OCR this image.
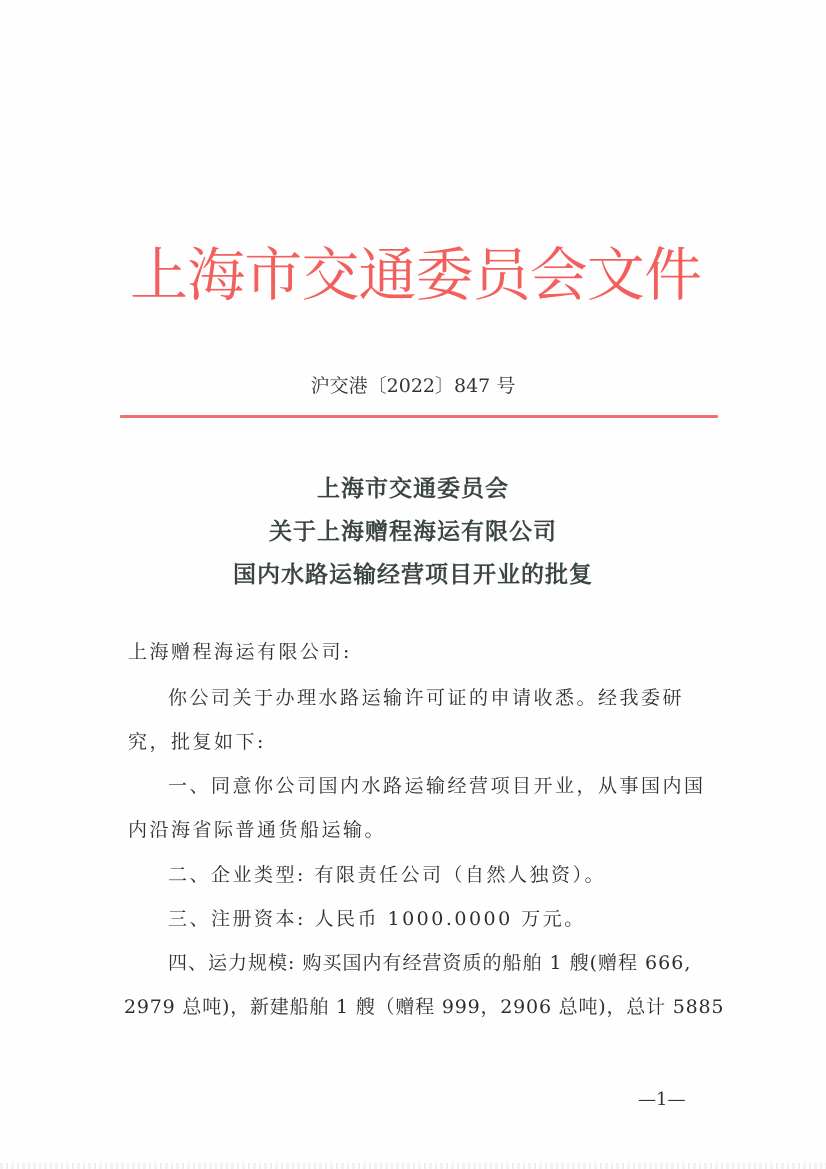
上 海 市 交 通 委 员 会 文 件
沪交港〔2022〕847 号
上海市交通委员会
关于上海赠程海运有限公司
国内水路运输经营项目开业的批复
上海赠程海运有限公司:
你公司关于办理水路运输许可证的申请收悉。经我委研
究，批复如下:
一、同意你公司国内水路运输经营项目开业，从事国内国
内沿海省际普通货船运输。
二、企业类型: 有限责任公司（自然人独资）。
三、注册资本: 人民币 1000.0000 万元。
四、运力规模: 购买国内有经营资质的船舶 1 艘(赠程 666,
2979 总吨)，新建船舶 1 艘（赠程 999，2906 总吨)，总计 5885
—1—
